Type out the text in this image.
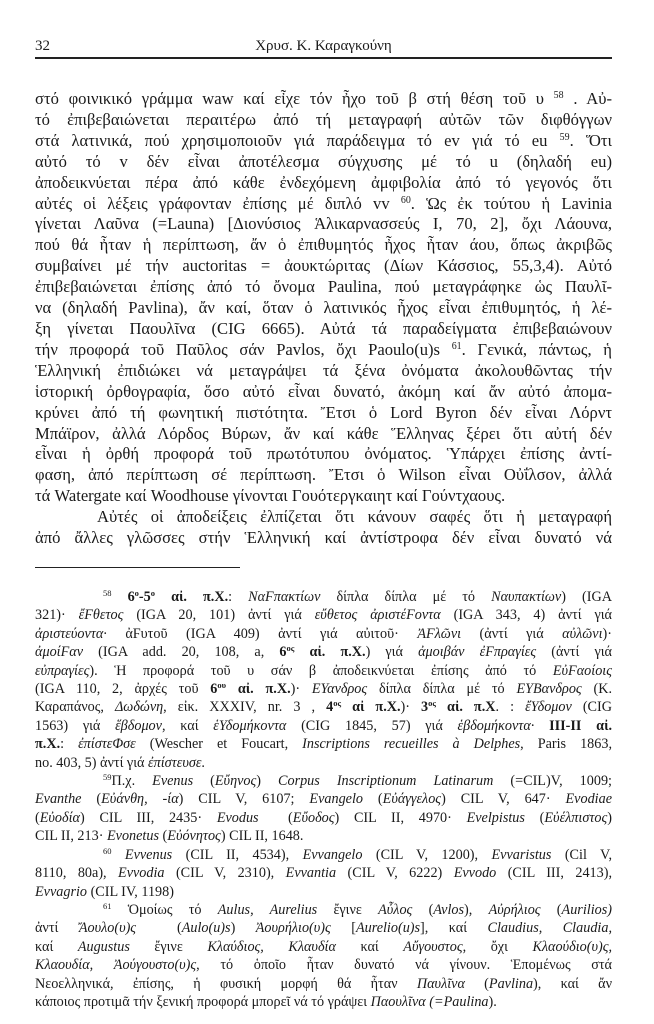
32	Χρυσ. Κ. Καραγκούνη
στό φοινικικό γράμμα waw καί εἶχε τόν ἦχο τοῦ β στή θέση τοῦ υ $^{58}$ . Αὐ-
τό ἐπιβεβαιώνεται περαιτέρω ἀπό τή μεταγραφή αὐτῶν τῶν διφθόγγων
στά λατινικά, πού χρησιμοποιοῦν γιά παράδειγμα τό ev γιά τό eu $^{59}$. Ὅτι
αὐτό τό v δέν εἶναι ἀποτέλεσμα σύγχυσης μέ τό u (δηλαδή eu)
ἀποδεικνύεται πέρα ἀπό κάθε ἐνδεχόμενη ἀμφιβολία ἀπό τό γεγονός ὅτι
αὐτές οἱ λέξεις γράφονταν ἐπίσης μέ διπλό vv $^{60}$. Ὡς ἐκ τούτου ἡ Lavinia
γίνεται Λαῦνα (=Launa) [Διονύσιος Ἁλικαρνασσεύς I, 70, 2], ὄχι Λάουνα,
πού θά ἦταν ἡ περίπτωση, ἄν ὁ ἐπιθυμητός ἦχος ἦταν άου, ὅπως ἀκριβῶς
συμβαίνει μέ τήν auctoritas = ἀουκτώριτας (Δίων Κάσσιος, 55,3,4). Αὐτό
ἐπιβεβαιώνεται ἐπίσης ἀπό τό ὄνομα Paulina, πού μεταγράφηκε ὡς Παυλῖ-
να (δηλαδή Pavlina), ἄν καί, ὅταν ὁ λατινικός ἦχος εἶναι ἐπιθυμητός, ἡ λέ-
ξη γίνεται Παουλῖνα (CIG 6665). Αὐτά τά παραδείγματα ἐπιβεβαιώνουν
τήν προφορά τοῦ Παῦλος σάν Pavlos, ὄχι Paoulo(u)s $^{61}$. Γενικά, πάντως, ἡ
Ἑλληνική ἐπιδιώκει νά μεταγράψει τά ξένα ὀνόματα ἀκολουθῶντας τήν
ἱστορική ὀρθογραφία, ὅσο αὐτό εἶναι δυνατό, ἀκόμη καί ἄν αὐτό ἀπομα-
κρύνει ἀπό τή φωνητική πιστότητα. Ἔτσι ὁ Lord Byron δέν εἶναι Λόρντ
Μπάϊρον, ἀλλά Λόρδος Βύρων, ἄν καί κάθε Ἕλληνας ξέρει ὅτι αὐτή δέν
εἶναι ἡ ὀρθή προφορά τοῦ πρωτότυπου ὀνόματος. Ὑπάρχει ἐπίσης ἀντί-
φαση, ἀπό περίπτωση σέ περίπτωση. Ἔτσι ὁ Wilson εἶναι Οὐΐλσον, ἀλλά
τά Watergate καί Woodhouse γίνονται Γουότεργκαιητ καί Γούντχαους.
Αὐτές οἱ ἀποδείξεις ἐλπίζεται ὅτι κάνουν σαφές ὅτι ἡ μεταγραφή
ἀπό ἄλλες γλῶσσες στήν Ἑλληνική καί ἀντίστροφα δέν εἶναι δυνατό νά
$^{58}$ $6^o-5^o$ αἰ. π.Χ.: ΝαϜπακτίων δίπλα δίπλα μέ τό Ναυπακτίων) (IGA
321)· ἔϜθετος (IGA 20, 101) ἀντί γιά εὔθετος ἀριστέϜοντα (IGA 343, 4) ἀντί γιά
ἀριστεύοντα· ἀϜυτοῦ (IGA 409) ἀντί γιά αὐιτοῦ· ἈϜλῶνι (ἀντί γιά αὐλῶνι)·
ἀμοίϜαν (IGA add. 20, 108, a, $6^{o\varsigma}$ αἰ. π.Χ.) γιά ἀμοιβάν ἐϜπραγίες (ἀντί γιά
εὐπραγίες). Ἡ προφορά τοῦ υ σάν β ἀποδεικνύεται ἐπίσης ἀπό τό ΕὐϜαοίοις
(IGA 110, 2, ἀρχές τοῦ $6^{o\upsilon}$ αἰ. π.Χ.)· ΕΥανδρος δίπλα δίπλα μέ τό ΕΥΒανδρος (Κ.
Καραπάνος, Δωδώνη, εἰκ. XXXIV, nr. 3 , $4^{o\varsigma}$ αἰ $\pi.X.)\cdot 3^{o\varsigma}$ αἰ. π.Χ. : ἔΥδομον (CIG
1563) γιά ἕβδομον, καί ἑΥδομήκοντα (CIG 1845, 57) γιά ἑβδομήκοντα· III-II αἰ.
π.Χ.: ἐπίστεΦσε (Wescher et Foucart, Inscriptions recueilles à Delphes, Paris 1863,
no. 403, 5) ἀντί γιά ἐπίστευσε.
$^{59}$Π.χ. Evenus (Εὔηνος) Corpus Inscriptionum Latinarum (=CIL)V, 1009;
Evanthe (Εὐάνθη, -ία) CIL V, 6107; Evangelo (Εὐάγγελος) CIL V, 647· Evodiae
(Εὐοδία) CIL III, 2435· Evodus  (Εὔοδος) CIL II, 4970· Evelpistus (Εὐέλπιστος)
CIL II, 213· Evonetus (Εὐόνητος) CIL II, 1648.
$^{60}$ Evvenus (CIL II, 4534), Evvangelo (CIL V, 1200), Evvaristus (Cil V,
8110, 80a), Evvodia (CIL V, 2310), Evvantia (CIL V, 6222) Evvodo (CIL III, 2413),
Evvagrio (CIL IV, 1198)
$^{61}$ Ὁμοίως τό Aulus, Aurelius ἔγινε Αὖλος (Avlos), Αὐρήλιος (Aurilios)
ἀντί Ἄουλο(υ)ς  (Aulo(u)s) Ἀουρήλιο(υ)ς [Aurelio(u)s], καί Claudius, Claudia,
καί Augustus ἔγινε Κλαύδιος, Κλαυδία καί Αὔγουστος, ὄχι Κλαούδιο(υ)ς,
Κλαουδία, Ἀούγουστο(υ)ς, τό ὁποῖο ἦταν δυνατό νά γίνουν. Ἑπομένως στά
Νεοελληνικά, ἐπίσης, ἡ φυσική μορφή θά ἦταν Παυλῖνα (Pavlina), καί ἄν
κάποιος προτιμᾶ τήν ξενική προφορά μπορεῖ νά τό γράψει Παουλῖνα (=Paulina).
